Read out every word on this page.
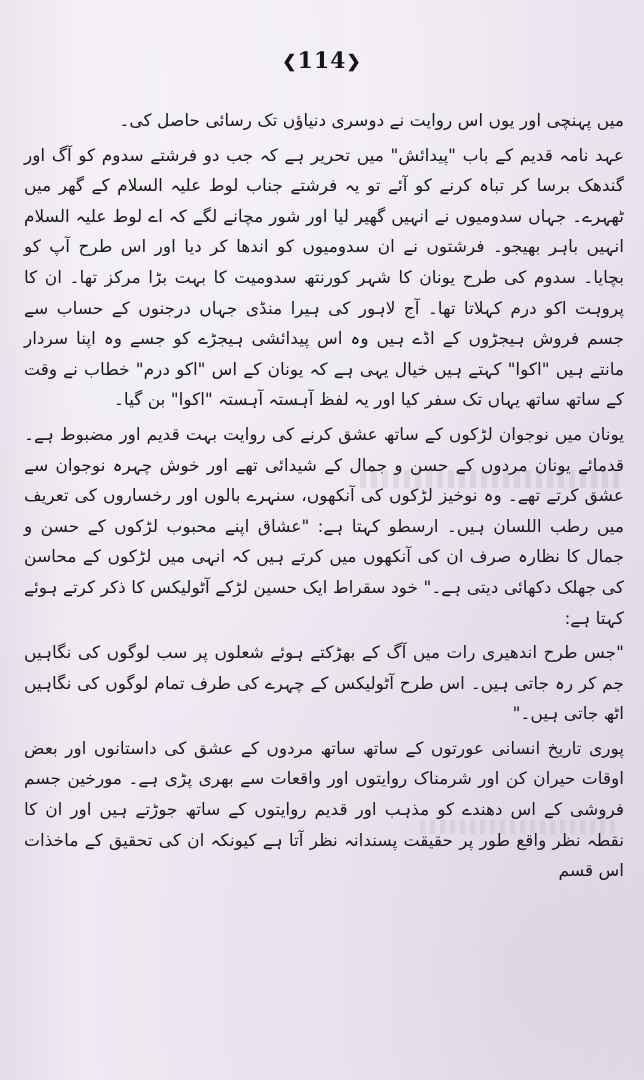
❮114❯

میں پہنچی اور یوں اس روایت نے دوسری دنیاؤں تک رسائی حاصل کی۔

عہد نامہ قدیم کے باب "پیدائش" میں تحریر ہے کہ جب دو فرشتے سدوم کو آگ اور گندھک برسا کر تباہ کرنے کو آئے تو یہ فرشتے جناب لوط علیہ السلام کے گھر میں ٹھہرے۔ جہاں سدومیوں نے انہیں گھیر لیا اور شور مچانے لگے کہ اے لوط علیہ السلام انہیں باہر بھیجو۔ فرشتوں نے ان سدومیوں کو اندھا کر دیا اور اس طرح آپ کو بچایا۔ سدوم کی طرح یونان کا شہر کورنتھ سدومیت کا بہت بڑا مرکز تھا۔ ان کا پروہت اکو درم کہلاتا تھا۔ آج لاہور کی ہیرا منڈی جہاں درجنوں کے حساب سے جسم فروش ہیجڑوں کے اڈے ہیں وہ اس پیدائشی ہیجڑے کو جسے وہ اپنا سردار مانتے ہیں "اکوا" کہتے ہیں خیال یہی ہے کہ یونان کے اس "اکو درم" خطاب نے وقت کے ساتھ ساتھ یہاں تک سفر کیا اور یہ لفظ آہستہ آہستہ "اکوا" بن گیا۔

یونان میں نوجوان لڑکوں کے ساتھ عشق کرنے کی روایت بہت قدیم اور مضبوط ہے۔ قدمائے یونان مردوں کے حسن و جمال کے شیدائی تھے اور خوش چہرہ نوجوان سے عشق کرتے تھے۔ وہ نوخیز لڑکوں کی آنکھوں، سنہرے بالوں اور رخساروں کی تعریف میں رطب اللسان ہیں۔ ارسطو کہتا ہے: "عشاق اپنے محبوب لڑکوں کے حسن و جمال کا نظارہ صرف ان کی آنکھوں میں کرتے ہیں کہ انہی میں لڑکوں کے محاسن کی جھلک دکھائی دیتی ہے۔" خود سقراط ایک حسین لڑکے آٹولیکس کا ذکر کرتے ہوئے کہتا ہے:

"جس طرح اندھیری رات میں آگ کے بھڑکتے ہوئے شعلوں پر سب لوگوں کی نگاہیں جم کر رہ جاتی ہیں۔ اس طرح آٹولیکس کے چہرے کی طرف تمام لوگوں کی نگاہیں اٹھ جاتی ہیں۔"

پوری تاریخ انسانی عورتوں کے ساتھ ساتھ مردوں کے عشق کی داستانوں اور بعض اوقات حیران کن اور شرمناک روایتوں اور واقعات سے بھری پڑی ہے۔ مورخین جسم فروشی کے اس دھندے کو مذہب اور قدیم روایتوں کے ساتھ جوڑتے ہیں اور ان کا نقطہ نظر واقع طور پر حقیقت پسندانہ نظر آتا ہے کیونکہ ان کی تحقیق کے ماخذات اس قسم
